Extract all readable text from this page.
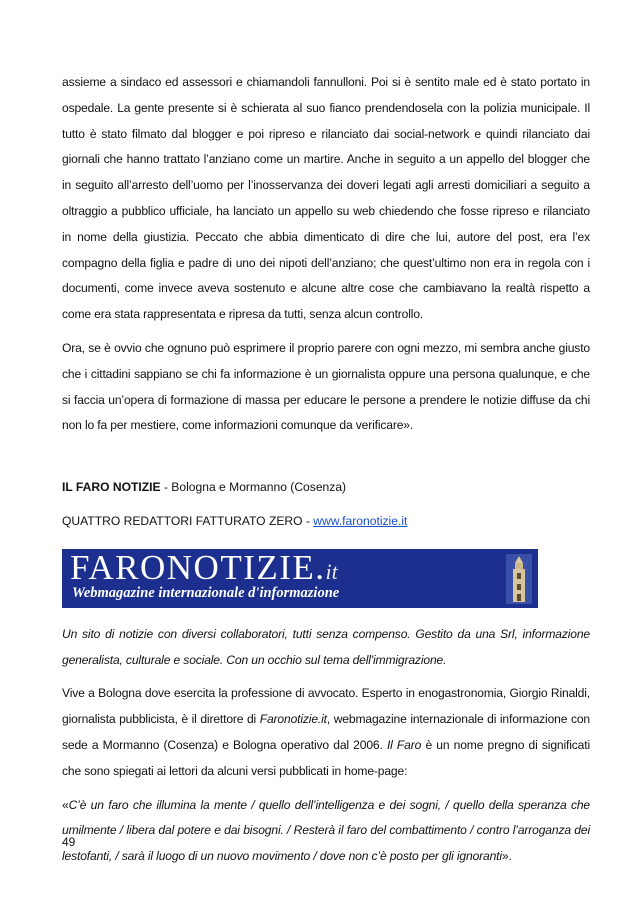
assieme a sindaco ed assessori e chiamandoli fannulloni. Poi si è sentito male ed è stato portato in ospedale. La gente presente si è schierata al suo fianco prendendosela con la polizia municipale. Il tutto è stato filmato dal blogger e poi ripreso e rilanciato dai social-network e quindi rilanciato dai giornali che hanno trattato l’anziano come un martire. Anche in seguito a un appello del blogger che in seguito all’arresto dell’uomo per l’inosservanza dei doveri legati agli arresti domiciliari a seguito a oltraggio a pubblico ufficiale, ha lanciato un appello su web chiedendo che fosse ripreso e rilanciato in nome della giustizia. Peccato che abbia dimenticato di dire che lui, autore del post, era l’ex compagno della figlia e padre di uno dei nipoti dell’anziano; che quest’ultimo non era in regola con i documenti, come invece aveva sostenuto e alcune altre cose che cambiavano la realtà rispetto a come era stata rappresentata e ripresa da tutti, senza alcun controllo.

Ora, se è ovvio che ognuno può esprimere il proprio parere con ogni mezzo, mi sembra anche giusto che i cittadini sappiano se chi fa informazione è un giornalista oppure una persona qualunque, e che si faccia un’opera di formazione di massa per educare le persone a prendere le notizie diffuse da chi non lo fa per mestiere, come informazioni comunque da verificare».

IL FARO NOTIZIE - Bologna e Mormanno (Cosenza)

QUATTRO REDATTORI FATTURATO ZERO - www.faronotizie.it

FARONOTIZIE.it
Webmagazine internazionale d'informazione

Un sito di notizie con diversi collaboratori, tutti senza compenso. Gestito da una Srl, informazione generalista, culturale e sociale. Con un occhio sul tema dell'immigrazione.

Vive a Bologna dove esercita la professione di avvocato. Esperto in enogastronomia, Giorgio Rinaldi, giornalista pubblicista, è il direttore di Faronotizie.it, webmagazine internazionale di informazione con sede a Mormanno (Cosenza) e Bologna operativo dal 2006. Il Faro è un nome pregno di significati che sono spiegati ai lettori da alcuni versi pubblicati in home-page:

«C’è un faro che illumina la mente / quello dell’intelligenza e dei sogni, / quello della speranza che umilmente / libera dal potere e dai bisogni. / Resterà il faro del combattimento / contro l’arroganza dei lestofanti, / sarà il luogo di un nuovo movimento / dove non c’è posto per gli ignoranti».

49
